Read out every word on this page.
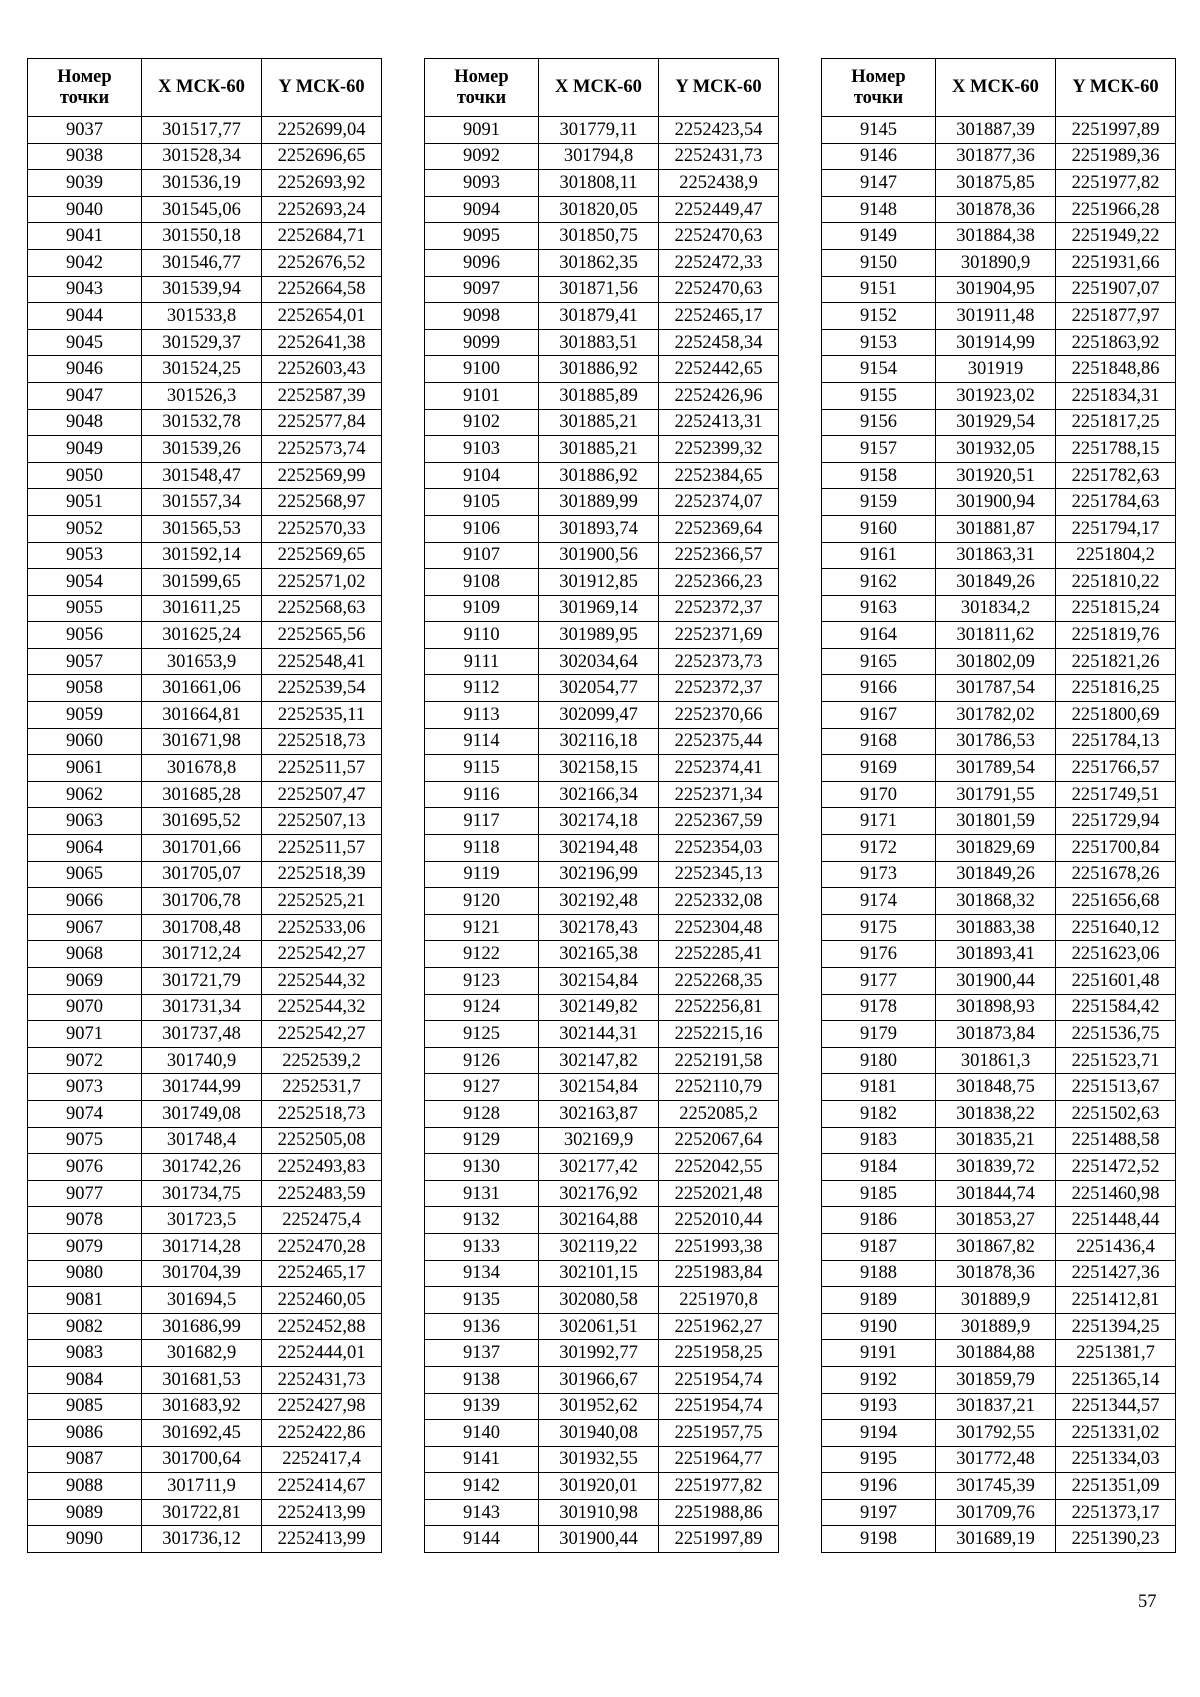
Номер
точки	X МСК-60	Y МСК-60
9037	301517,77	2252699,04
9038	301528,34	2252696,65
9039	301536,19	2252693,92
9040	301545,06	2252693,24
9041	301550,18	2252684,71
9042	301546,77	2252676,52
9043	301539,94	2252664,58
9044	301533,8	2252654,01
9045	301529,37	2252641,38
9046	301524,25	2252603,43
9047	301526,3	2252587,39
9048	301532,78	2252577,84
9049	301539,26	2252573,74
9050	301548,47	2252569,99
9051	301557,34	2252568,97
9052	301565,53	2252570,33
9053	301592,14	2252569,65
9054	301599,65	2252571,02
9055	301611,25	2252568,63
9056	301625,24	2252565,56
9057	301653,9	2252548,41
9058	301661,06	2252539,54
9059	301664,81	2252535,11
9060	301671,98	2252518,73
9061	301678,8	2252511,57
9062	301685,28	2252507,47
9063	301695,52	2252507,13
9064	301701,66	2252511,57
9065	301705,07	2252518,39
9066	301706,78	2252525,21
9067	301708,48	2252533,06
9068	301712,24	2252542,27
9069	301721,79	2252544,32
9070	301731,34	2252544,32
9071	301737,48	2252542,27
9072	301740,9	2252539,2
9073	301744,99	2252531,7
9074	301749,08	2252518,73
9075	301748,4	2252505,08
9076	301742,26	2252493,83
9077	301734,75	2252483,59
9078	301723,5	2252475,4
9079	301714,28	2252470,28
9080	301704,39	2252465,17
9081	301694,5	2252460,05
9082	301686,99	2252452,88
9083	301682,9	2252444,01
9084	301681,53	2252431,73
9085	301683,92	2252427,98
9086	301692,45	2252422,86
9087	301700,64	2252417,4
9088	301711,9	2252414,67
9089	301722,81	2252413,99
9090	301736,12	2252413,99
Номер
точки	X МСК-60	Y МСК-60
9091	301779,11	2252423,54
9092	301794,8	2252431,73
9093	301808,11	2252438,9
9094	301820,05	2252449,47
9095	301850,75	2252470,63
9096	301862,35	2252472,33
9097	301871,56	2252470,63
9098	301879,41	2252465,17
9099	301883,51	2252458,34
9100	301886,92	2252442,65
9101	301885,89	2252426,96
9102	301885,21	2252413,31
9103	301885,21	2252399,32
9104	301886,92	2252384,65
9105	301889,99	2252374,07
9106	301893,74	2252369,64
9107	301900,56	2252366,57
9108	301912,85	2252366,23
9109	301969,14	2252372,37
9110	301989,95	2252371,69
9111	302034,64	2252373,73
9112	302054,77	2252372,37
9113	302099,47	2252370,66
9114	302116,18	2252375,44
9115	302158,15	2252374,41
9116	302166,34	2252371,34
9117	302174,18	2252367,59
9118	302194,48	2252354,03
9119	302196,99	2252345,13
9120	302192,48	2252332,08
9121	302178,43	2252304,48
9122	302165,38	2252285,41
9123	302154,84	2252268,35
9124	302149,82	2252256,81
9125	302144,31	2252215,16
9126	302147,82	2252191,58
9127	302154,84	2252110,79
9128	302163,87	2252085,2
9129	302169,9	2252067,64
9130	302177,42	2252042,55
9131	302176,92	2252021,48
9132	302164,88	2252010,44
9133	302119,22	2251993,38
9134	302101,15	2251983,84
9135	302080,58	2251970,8
9136	302061,51	2251962,27
9137	301992,77	2251958,25
9138	301966,67	2251954,74
9139	301952,62	2251954,74
9140	301940,08	2251957,75
9141	301932,55	2251964,77
9142	301920,01	2251977,82
9143	301910,98	2251988,86
9144	301900,44	2251997,89
Номер
точки	X МСК-60	Y МСК-60
9145	301887,39	2251997,89
9146	301877,36	2251989,36
9147	301875,85	2251977,82
9148	301878,36	2251966,28
9149	301884,38	2251949,22
9150	301890,9	2251931,66
9151	301904,95	2251907,07
9152	301911,48	2251877,97
9153	301914,99	2251863,92
9154	301919	2251848,86
9155	301923,02	2251834,31
9156	301929,54	2251817,25
9157	301932,05	2251788,15
9158	301920,51	2251782,63
9159	301900,94	2251784,63
9160	301881,87	2251794,17
9161	301863,31	2251804,2
9162	301849,26	2251810,22
9163	301834,2	2251815,24
9164	301811,62	2251819,76
9165	301802,09	2251821,26
9166	301787,54	2251816,25
9167	301782,02	2251800,69
9168	301786,53	2251784,13
9169	301789,54	2251766,57
9170	301791,55	2251749,51
9171	301801,59	2251729,94
9172	301829,69	2251700,84
9173	301849,26	2251678,26
9174	301868,32	2251656,68
9175	301883,38	2251640,12
9176	301893,41	2251623,06
9177	301900,44	2251601,48
9178	301898,93	2251584,42
9179	301873,84	2251536,75
9180	301861,3	2251523,71
9181	301848,75	2251513,67
9182	301838,22	2251502,63
9183	301835,21	2251488,58
9184	301839,72	2251472,52
9185	301844,74	2251460,98
9186	301853,27	2251448,44
9187	301867,82	2251436,4
9188	301878,36	2251427,36
9189	301889,9	2251412,81
9190	301889,9	2251394,25
9191	301884,88	2251381,7
9192	301859,79	2251365,14
9193	301837,21	2251344,57
9194	301792,55	2251331,02
9195	301772,48	2251334,03
9196	301745,39	2251351,09
9197	301709,76	2251373,17
9198	301689,19	2251390,23
57
